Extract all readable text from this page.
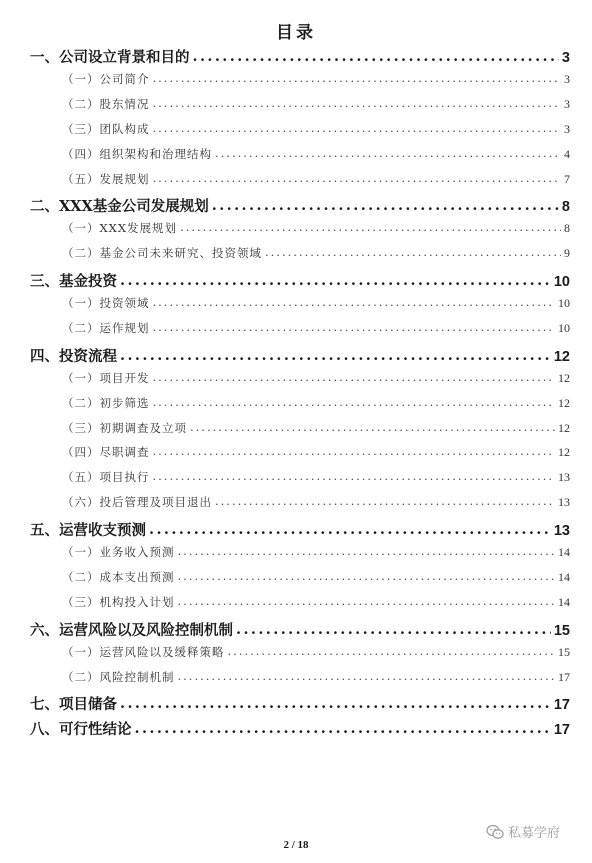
目录
一、公司设立背景和目的 .....	3
（一）公司简介 .....	3
（二）股东情况 .....	3
（三）团队构成 .....	3
（四）组织架构和治理结构 .....	4
（五）发展规划 .....	7
二、XXX基金公司发展规划 .....	8
（一）XXX发展规划 .....	8
（二）基金公司未来研究、投资领域 .....	9
三、基金投资 .....	10
（一）投资领域 .....	10
（二）运作规划 .....	10
四、投资流程 .....	12
（一）项目开发 .....	12
（二）初步筛选 .....	12
（三）初期调查及立项 .....	12
（四）尽职调查 .....	12
（五）项目执行 .....	13
（六）投后管理及项目退出 .....	13
五、运营收支预测 .....	13
（一）业务收入预测 .....	14
（二）成本支出预测 .....	14
（三）机构投入计划 .....	14
六、运营风险以及风险控制机制 .....	15
（一）运营风险以及缓释策略 .....	15
（二）风险控制机制 .....	17
七、项目储备 .....	17
八、可行性结论 .....	17
2 / 18
私募学府
